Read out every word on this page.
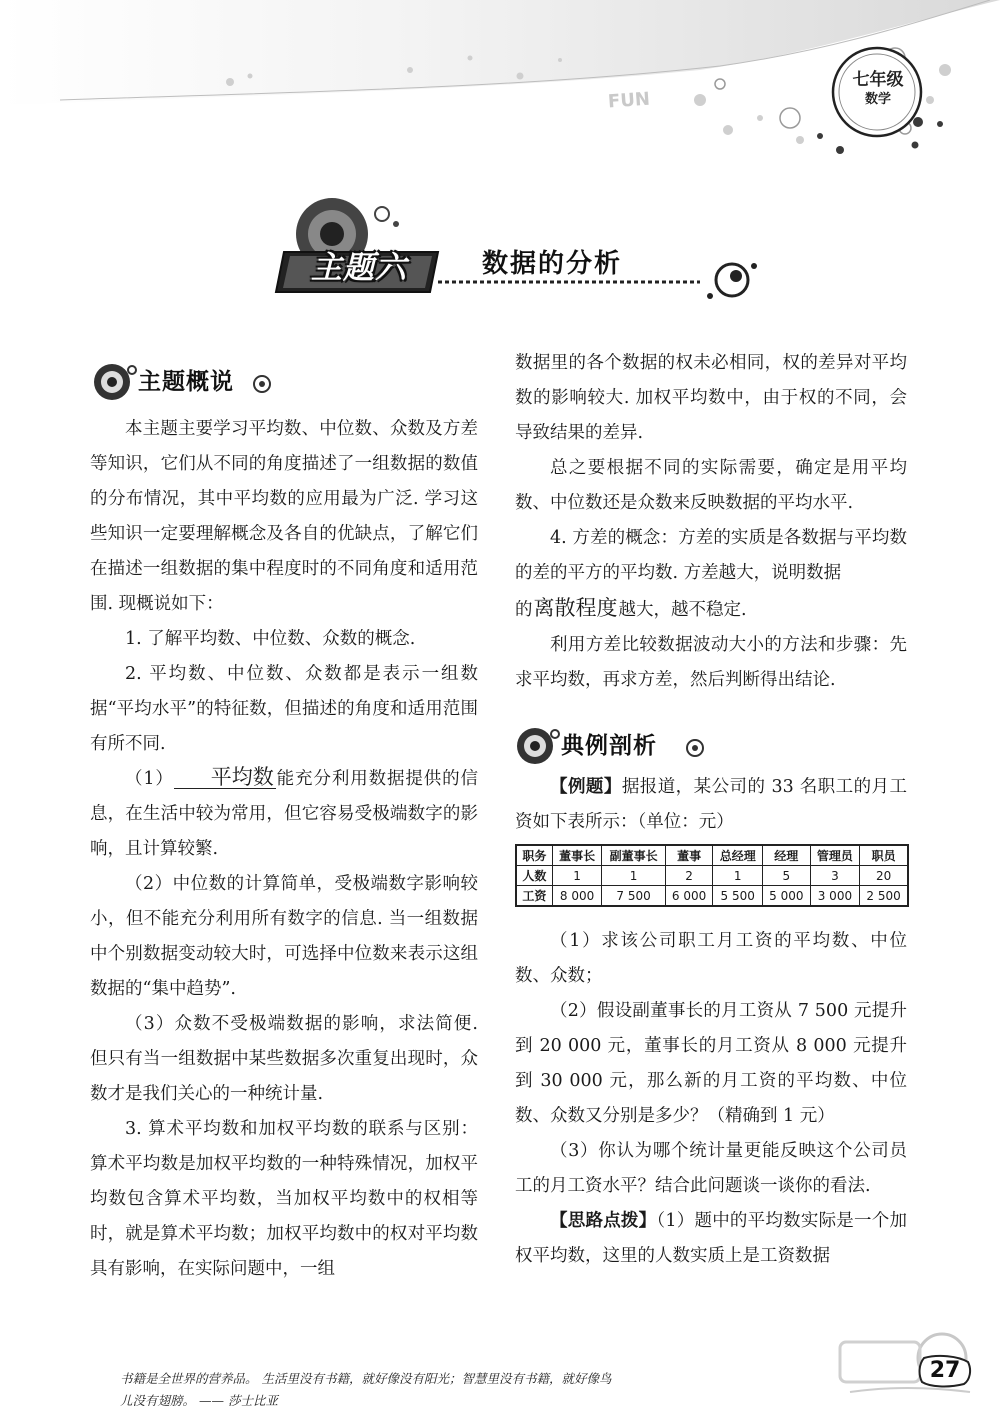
FUN
七年级
数学
主题六	数据的分析
主题概说

本主题主要学习平均数、中位数、众数及方差等知识，它们从不同的角度描述了一组数据的数值的分布情况，其中平均数的应用最为广泛. 学习这些知识一定要理解概念及各自的优缺点，了解它们在描述一组数据的集中程度时的不同角度和适用范围. 现概说如下：

1. 了解平均数、中位数、众数的概念.

2. 平均数、中位数、众数都是表示一组数据“平均水平”的特征数，但描述的角度和适用范围有所不同.

（1） 平均数 能充分利用数据提供的信息，在生活中较为常用，但它容易受极端数字的影响，且计算较繁.

（2）中位数的计算简单，受极端数字影响较小，但不能充分利用所有数字的信息. 当一组数据中个别数据变动较大时，可选择中位数来表示这组数据的“集中趋势”.

（3）众数不受极端数据的影响，求法简便. 但只有当一组数据中某些数据多次重复出现时，众数才是我们关心的一种统计量.

3. 算术平均数和加权平均数的联系与区别：算术平均数是加权平均数的一种特殊情况，加权平均数包含算术平均数，当加权平均数中的权相等时，就是算术平均数；加权平均数中的权对平均数具有影响，在实际问题中，一组

数据里的各个数据的权未必相同，权的差异对平均数的影响较大. 加权平均数中，由于权的不同，会导致结果的差异.

总之要根据不同的实际需要，确定是用平均数、中位数还是众数来反映数据的平均水平.

4. 方差的概念：方差的实质是各数据与平均数的差的平方的平均数. 方差越大，说明数据

的离散程度越大，越不稳定.

利用方差比较数据波动大小的方法和步骤：先求平均数，再求方差，然后判断得出结论.

典例剖析

【例题】据报道，某公司的 33 名职工的月工资如下表所示：（单位：元）

职务	董事长	副董事长	董事	总经理	经理	管理员	职员
人数	1	1	2	1	5	3	20
工资	8 000	7 500	6 000	5 500	5 000	3 000	2 500

（1）求该公司职工月工资的平均数、中位数、众数；

（2）假设副董事长的月工资从 7 500 元提升到 20 000 元，董事长的月工资从 8 000 元提升到 30 000 元，那么新的月工资的平均数、中位数、众数又分别是多少？（精确到 1 元）

（3）你认为哪个统计量更能反映这个公司员工的月工资水平？结合此问题谈一谈你的看法.

【思路点拨】（1）题中的平均数实际是一个加权平均数，这里的人数实质上是工资数据

书籍是全世界的营养品。 生活里没有书籍，就好像没有阳光；智慧里没有书籍，就好像鸟
儿没有翅膀。 —— 莎士比亚
27
